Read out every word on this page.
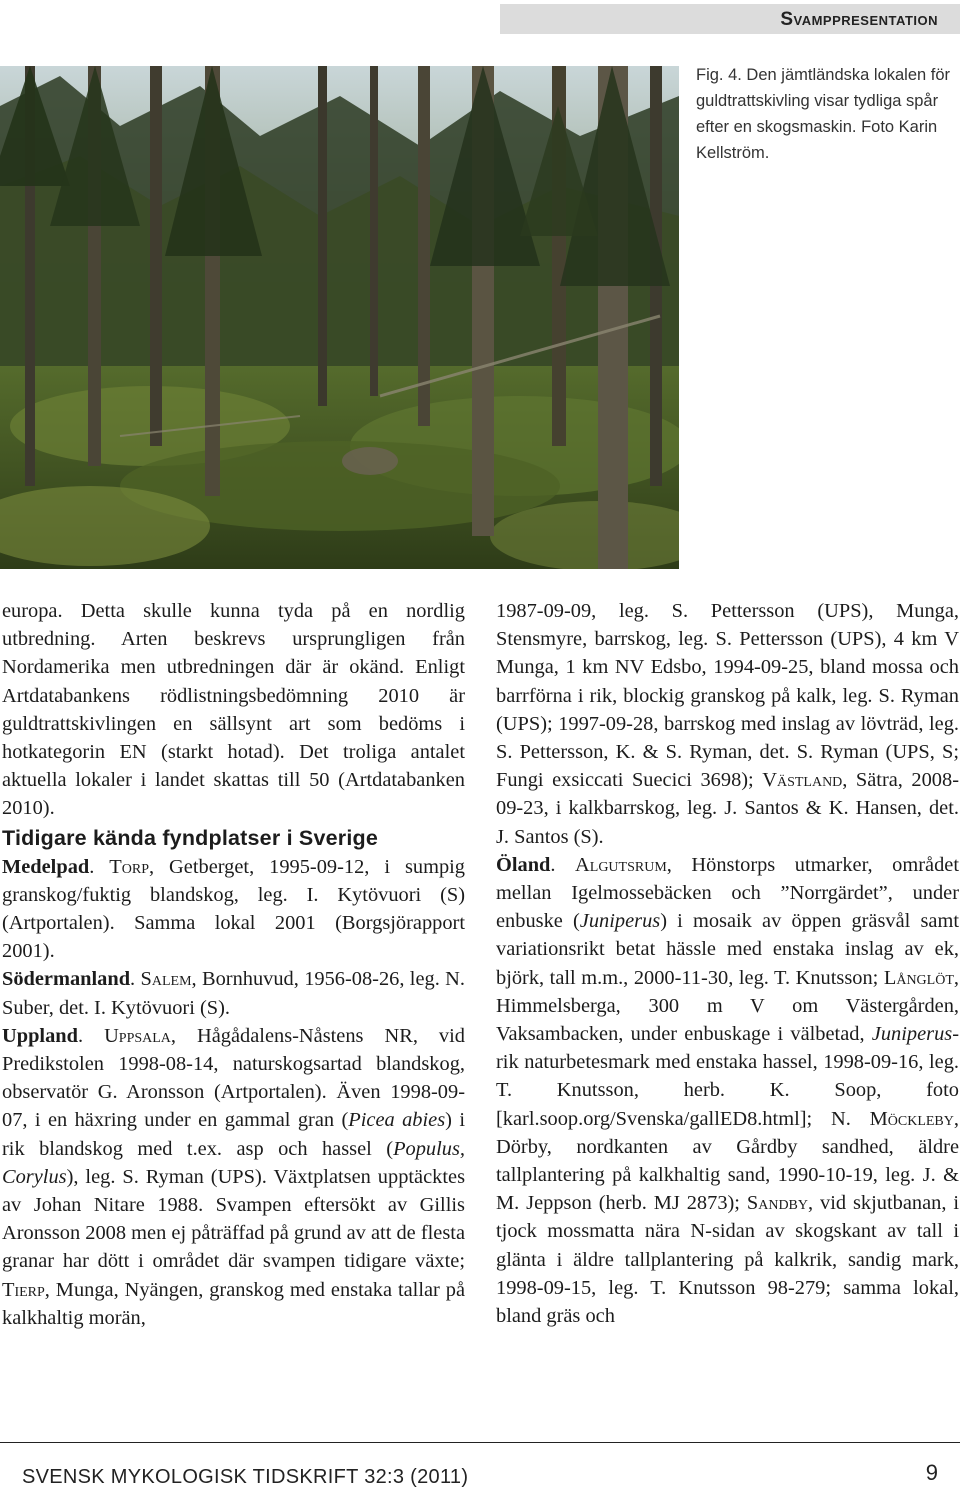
Svamppresentation

Fig. 4. Den jämtländska lokalen för guldtrattskivling visar tydliga spår efter en skogsmaskin. Foto Karin Kellström.

europa. Detta skulle kunna tyda på en nordlig utbredning. Arten beskrevs ursprungligen från Nordamerika men utbredningen där är okänd. Enligt Artdatabankens rödlistningsbedömning 2010 är guldtrattskivlingen en sällsynt art som bedöms i hotkategorin EN (starkt hotad). Det troliga antalet aktuella lokaler i landet skattas till 50 (Artdatabanken 2010).

Tidigare kända fyndplatser i Sverige

Medelpad. Torp, Getberget, 1995-09-12, i sumpig granskog/fuktig blandskog, leg. I. Kytövuori (S) (Artportalen). Samma lokal 2001 (Borgsjörapport 2001).

Södermanland. Salem, Bornhuvud, 1956-08-26, leg. N. Suber, det. I. Kytövuori (S).

Uppland. Uppsala, Hågådalens-Nåstens NR, vid Predikstolen 1998-08-14, naturskogsartad blandskog, observatör G. Aronsson (Artportalen). Även 1998-09-07, i en häxring under en gammal gran (Picea abies) i rik blandskog med t.ex. asp och hassel (Populus, Corylus), leg. S. Ryman (UPS). Växtplatsen upptäcktes av Johan Nitare 1988. Svampen eftersökt av Gillis Aronsson 2008 men ej påträffad på grund av att de flesta granar har dött i området där svampen tidigare växte; Tierp, Munga, Nyängen, granskog med enstaka tallar på kalkhaltig morän,

1987-09-09, leg. S. Pettersson (UPS), Munga, Stensmyre, barrskog, leg. S. Pettersson (UPS), 4 km V Munga, 1 km NV Edsbo, 1994-09-25, bland mossa och barrförna i rik, blockig granskog på kalk, leg. S. Ryman (UPS); 1997-09-28, barrskog med inslag av lövträd, leg. S. Pettersson, K. & S. Ryman, det. S. Ryman (UPS, S; Fungi exsiccati Suecici 3698); Västland, Sätra, 2008-09-23, i kalkbarrskog, leg. J. Santos & K. Hansen, det. J. Santos (S).

Öland. Algutsrum, Hönstorps utmarker, området mellan Igelmossebäcken och ”Norrgärdet”, under enbuske (Juniperus) i mosaik av öppen gräsvål samt variationsrikt betat hässle med enstaka inslag av ek, björk, tall m.m., 2000-11-30, leg. T. Knutsson; Långlöt, Himmelsberga, 300 m V om Västergården, Vaksambacken, under enbuskage i välbetad, Juniperus-rik naturbetesmark med enstaka hassel, 1998-09-16, leg. T. Knutsson, herb. K. Soop, foto [karl.soop.org/Svenska/gallED8.html]; N. Möckleby, Dörby, nordkanten av Gårdby sandhed, äldre tallplantering på kalkhaltig sand, 1990-10-19, leg. J. & M. Jeppson (herb. MJ 2873); Sandby, vid skjutbanan, i tjock mossmatta nära N-sidan av skogskant av tall i glänta i äldre tallplantering på kalkrik, sandig mark, 1998-09-15, leg. T. Knutsson 98-279; samma lokal, bland gräs och

SVENSK MYKOLOGISK TIDSKRIFT 32:3 (2011)	9
